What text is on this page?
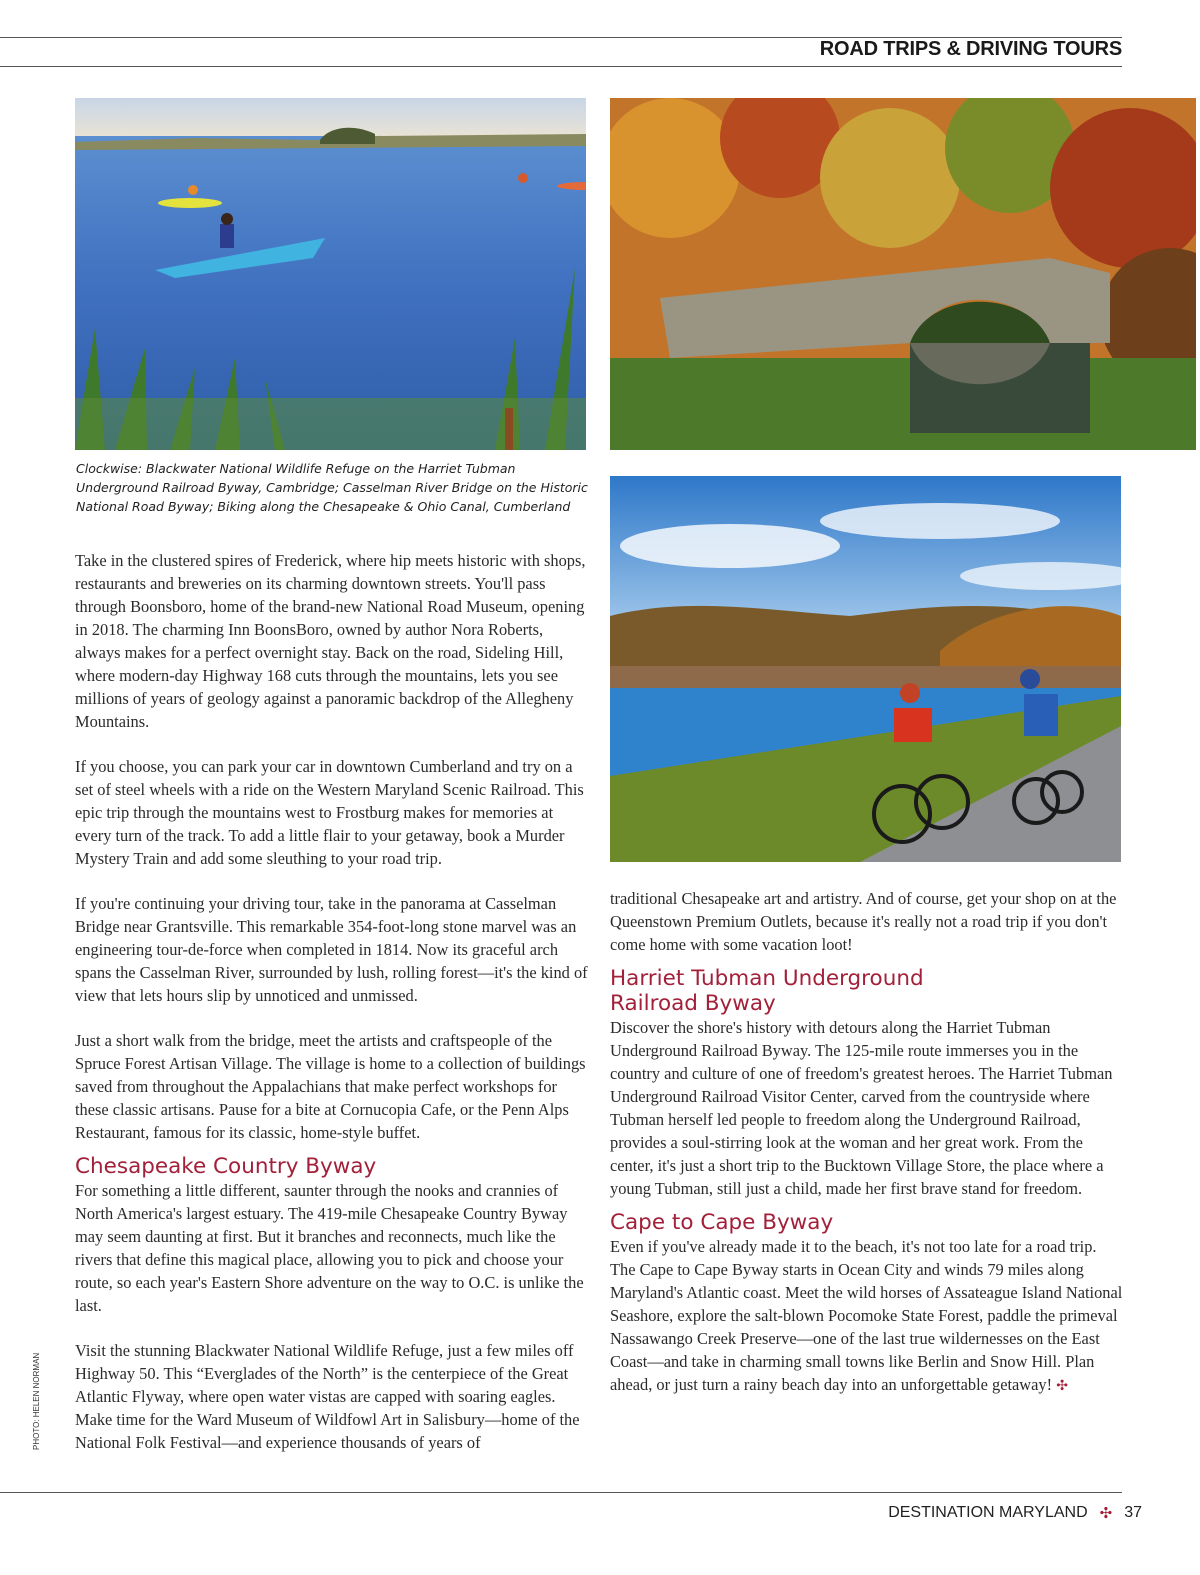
ROAD TRIPS & DRIVING TOURS
Clockwise: Blackwater National Wildlife Refuge on the Harriet Tubman Underground Railroad Byway, Cambridge; Casselman River Bridge on the Historic National Road Byway; Biking along the Chesapeake & Ohio Canal, Cumberland

Take in the clustered spires of Frederick, where hip meets historic with shops, restaurants and breweries on its charming downtown streets. You'll pass through Boonsboro, home of the brand-new National Road Museum, opening in 2018. The charming Inn BoonsBoro, owned by author Nora Roberts, always makes for a perfect overnight stay. Back on the road, Sideling Hill, where modern-day Highway 168 cuts through the mountains, lets you see millions of years of geology against a panoramic backdrop of the Allegheny Mountains.

If you choose, you can park your car in downtown Cumberland and try on a set of steel wheels with a ride on the Western Maryland Scenic Railroad. This epic trip through the mountains west to Frostburg makes for memories at every turn of the track. To add a little flair to your getaway, book a Murder Mystery Train and add some sleuthing to your road trip.

If you're continuing your driving tour, take in the panorama at Casselman Bridge near Grantsville. This remarkable 354-foot-long stone marvel was an engineering tour-de-force when completed in 1814. Now its graceful arch spans the Casselman River, surrounded by lush, rolling forest—it's the kind of view that lets hours slip by unnoticed and unmissed.

Just a short walk from the bridge, meet the artists and craftspeople of the Spruce Forest Artisan Village. The village is home to a collection of buildings saved from throughout the Appalachians that make perfect workshops for these classic artisans. Pause for a bite at Cornucopia Cafe, or the Penn Alps Restaurant, famous for its classic, home-style buffet.

Chesapeake Country Byway

For something a little different, saunter through the nooks and crannies of North America's largest estuary. The 419-mile Chesapeake Country Byway may seem daunting at first. But it branches and reconnects, much like the rivers that define this magical place, allowing you to pick and choose your route, so each year's Eastern Shore adventure on the way to O.C. is unlike the last.

Visit the stunning Blackwater National Wildlife Refuge, just a few miles off Highway 50. This “Everglades of the North” is the centerpiece of the Great Atlantic Flyway, where open water vistas are capped with soaring eagles. Make time for the Ward Museum of Wildfowl Art in Salisbury—home of the National Folk Festival—and experience thousands of years of

traditional Chesapeake art and artistry. And of course, get your shop on at the Queenstown Premium Outlets, because it's really not a road trip if you don't come home with some vacation loot!

Harriet Tubman Underground
Railroad Byway

Discover the shore's history with detours along the Harriet Tubman Underground Railroad Byway. The 125-mile route immerses you in the country and culture of one of freedom's greatest heroes. The Harriet Tubman Underground Railroad Visitor Center, carved from the countryside where Tubman herself led people to freedom along the Underground Railroad, provides a soul-stirring look at the woman and her great work. From the center, it's just a short trip to the Bucktown Village Store, the place where a young Tubman, still just a child, made her first brave stand for freedom.

Cape to Cape Byway

Even if you've already made it to the beach, it's not too late for a road trip. The Cape to Cape Byway starts in Ocean City and winds 79 miles along Maryland's Atlantic coast. Meet the wild horses of Assateague Island National Seashore, explore the salt-blown Pocomoke State Forest, paddle the primeval Nassawango Creek Preserve—one of the last true wildernesses on the East Coast—and take in charming small towns like Berlin and Snow Hill. Plan ahead, or just turn a rainy beach day into an unforgettable getaway! ✣

PHOTO: HELEN NORMAN
DESTINATION MARYLAND ✣ 37
